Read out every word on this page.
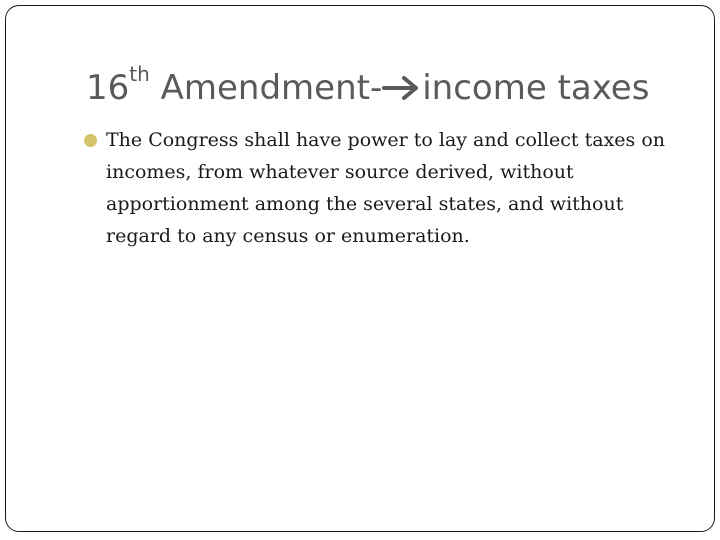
16th Amendment- income taxes
The Congress shall have power to lay and collect taxes on incomes, from whatever source derived, without apportionment among the several states, and without regard to any census or enumeration.
